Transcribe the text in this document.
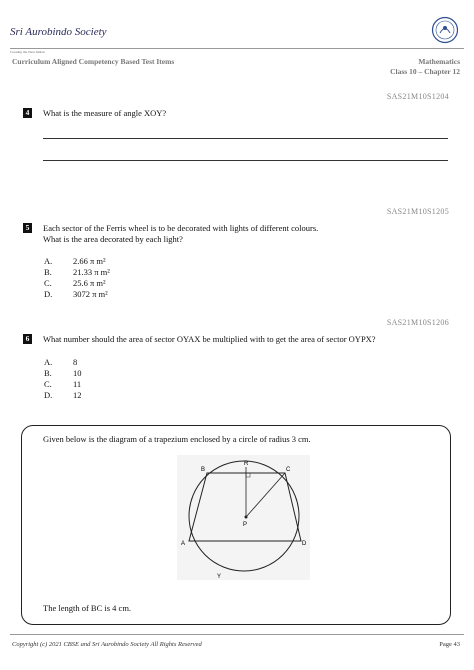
Sri Aurobindo Society
Creating the Next Indian
Curriculum Aligned Competency Based Test Items	Mathematics
Class 10 – Chapter 12
SAS21M10S1204
4	What is the measure of angle XOY?
SAS21M10S1205
5	Each sector of the Ferris wheel is to be decorated with lights of different colours.
What is the area decorated by each light?
A. 2.66 π m²
B. 21.33 π m²
C. 25.6 π m²
D. 3072 π m²
SAS21M10S1206
6	What number should the area of sector OYAX be multiplied with to get the area of sector OYPX?
A. 8
B. 10
C. 11
D. 12
Given below is the diagram of a trapezium enclosed by a circle of radius 3 cm.
B
R
C
P
A	D
Y
The length of BC is 4 cm.
Copyright (c) 2021 CBSE and Sri Aurobindo Society All Rights Reserved	Page 43
